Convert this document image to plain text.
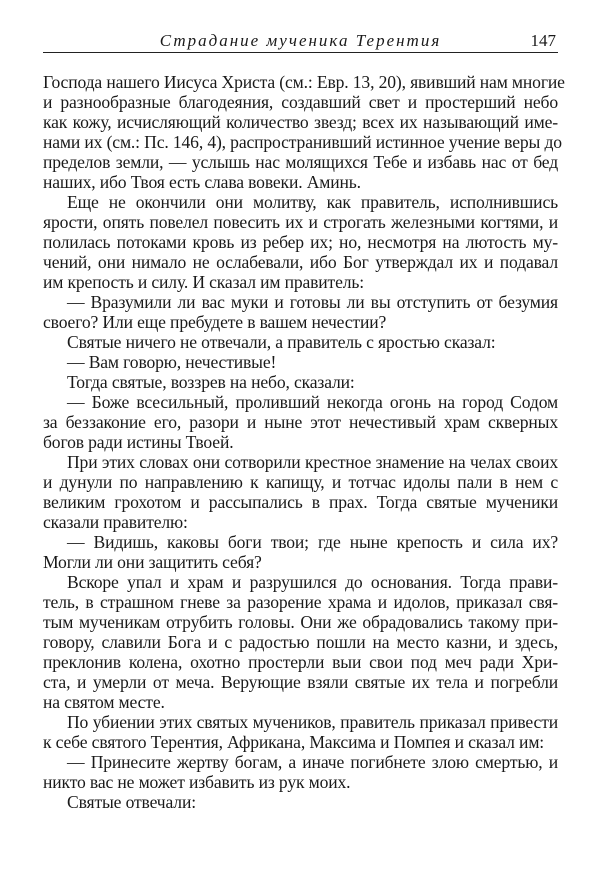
Страдание мученика Терентия	147
Господа нашего Иисуса Христа (см.: Евр. 13, 20), явивший нам многие
и разнообразные благодеяния, создавший свет и простерший небо
как кожу, исчисляющий количество звезд; всех их называющий име-
нами их (см.: Пс. 146, 4), распространивший истинное учение веры до
пределов земли, — услышь нас молящихся Тебе и избавь нас от бед
наших, ибо Твоя есть слава вовеки. Аминь.
Еще не окончили они молитву, как правитель, исполнившись
ярости, опять повелел повесить их и строгать железными когтями, и
полилась потоками кровь из ребер их; но, несмотря на лютость му-
чений, они нимало не ослабевали, ибо Бог утверждал их и подавал
им крепость и силу. И сказал им правитель:
— Вразумили ли вас муки и готовы ли вы отступить от безумия
своего? Или еще пребудете в вашем нечестии?
Святые ничего не отвечали, а правитель с яростью сказал:
— Вам говорю, нечестивые!
Тогда святые, воззрев на небо, сказали:
— Боже всесильный, проливший некогда огонь на город Содом
за беззаконие его, разори и ныне этот нечестивый храм скверных
богов ради истины Твоей.
При этих словах они сотворили крестное знамение на челах своих
и дунули по направлению к капищу, и тотчас идолы пали в нем с
великим грохотом и рассыпались в прах. Тогда святые мученики
сказали правителю:
— Видишь, каковы боги твои; где ныне крепость и сила их?
Могли ли они защитить себя?
Вскоре упал и храм и разрушился до основания. Тогда прави-
тель, в страшном гневе за разорение храма и идолов, приказал свя-
тым мученикам отрубить головы. Они же обрадовались такому при-
говору, славили Бога и с радостью пошли на место казни, и здесь,
преклонив колена, охотно простерли выи свои под меч ради Хри-
ста, и умерли от меча. Верующие взяли святые их тела и погребли
на святом месте.
По убиении этих святых мучеников, правитель приказал привести
к себе святого Терентия, Африкана, Максима и Помпея и сказал им:
— Принесите жертву богам, а иначе погибнете злою смертью, и
никто вас не может избавить из рук моих.
Святые отвечали:
